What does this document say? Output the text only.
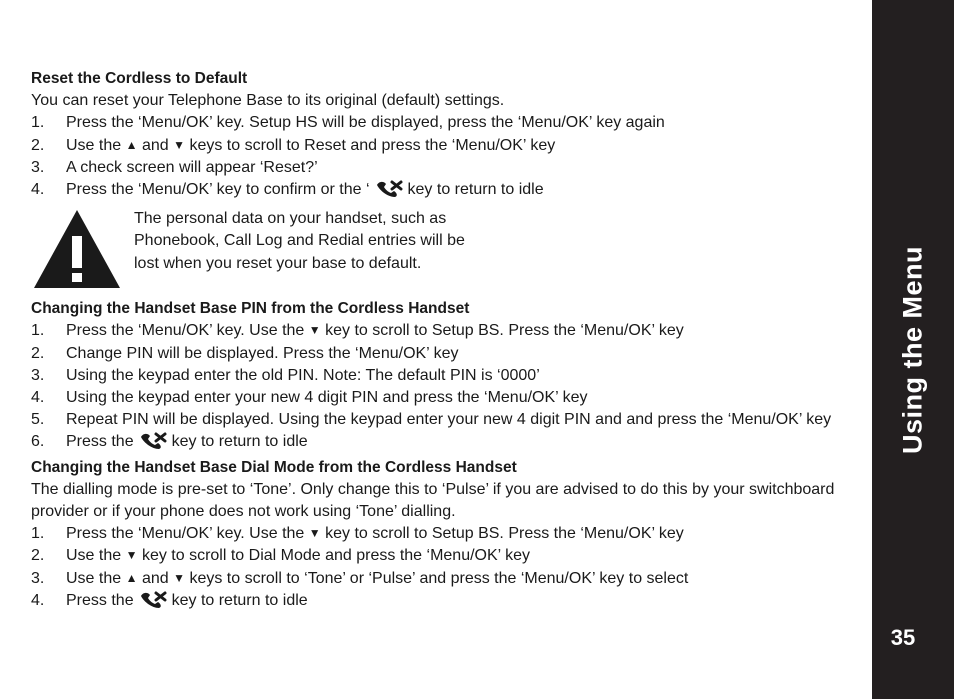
Reset the Cordless to Default
You can reset your Telephone Base to its original (default) settings.
1.	Press the ‘Menu/OK’ key. Setup HS will be displayed, press the ‘Menu/OK’ key again
2.	Use the ▲ and ▼ keys to scroll to Reset and press the ‘Menu/OK’ key
3.	A check screen will appear ‘Reset?’
4.	Press the ‘Menu/OK’ key to confirm or the ‘ key to return to idle
The personal data on your handset, such as Phonebook, Call Log and Redial entries will be lost when you reset your base to default.
Changing the Handset Base PIN from the Cordless Handset
1.	Press the ‘Menu/OK’ key. Use the ▼ key to scroll to Setup BS. Press the ‘Menu/OK’ key
2.	Change PIN will be displayed. Press the ‘Menu/OK’ key
3.	Using the keypad enter the old PIN. Note: The default PIN is ‘0000’
4.	Using the keypad enter your new 4 digit PIN and press the ‘Menu/OK’ key
5.	Repeat PIN will be displayed. Using the keypad enter your new 4 digit PIN and and press the ‘Menu/OK’ key
6.	Press the key to return to idle
Changing the Handset Base Dial Mode from the Cordless Handset
The dialling mode is pre-set to ‘Tone’. Only change this to ‘Pulse’ if you are advised to do this by your switchboard provider or if your phone does not work using ‘Tone’ dialling.
1.	Press the ‘Menu/OK’ key. Use the ▼ key to scroll to Setup BS. Press the ‘Menu/OK’ key
2.	Use the ▼ key to scroll to Dial Mode and press the ‘Menu/OK’ key
3.	Use the ▲ and ▼ keys to scroll to ‘Tone’ or ‘Pulse’ and press the ‘Menu/OK’ key to select
4.	Press the key to return to idle
Using the Menu
35
